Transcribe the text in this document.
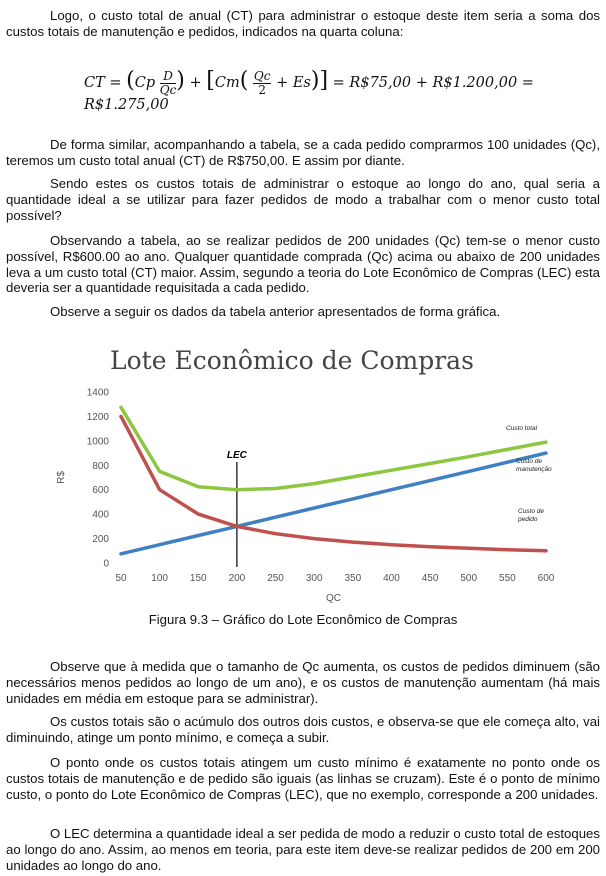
Logo, o custo total de anual (CT) para administrar o estoque deste item seria a soma dos custos totais de manutenção e pedidos, indicados na quarta coluna:

CT = ($Cp \frac{D}{Qc}$ ) + $[Cm( \frac{Qc}{2} + Es)]$ = R$75,00 + R$1.200,00 = R$1.275,00

De forma similar, acompanhando a tabela, se a cada pedido comprarmos 100 unidades (Qc), teremos um custo total anual (CT) de R$750,00. E assim por diante.

Sendo estes os custos totais de administrar o estoque ao longo do ano, qual seria a quantidade ideal a se utilizar para fazer pedidos de modo a trabalhar com o menor custo total possível?

Observando a tabela, ao se realizar pedidos de 200 unidades (Qc) tem-se o menor custo possível, R$600.00 ao ano. Qualquer quantidade comprada (Qc) acima ou abaixo de 200 unidades leva a um custo total (CT) maior. Assim, segundo a teoria do Lote Econômico de Compras (LEC) esta deveria ser a quantidade requisitada a cada pedido.

Observe a seguir os dados da tabela anterior apresentados de forma gráfica.

Lote Econômico de Compras
0
200
400
600
800
1000
1200
1400
50 100 150 200 250 300 350 400 450 500 550 600
QC
R$
LEC
Custo total
Custo de manutenção
Custo de pedido
Figura 9.3 – Gráfico do Lote Econômico de Compras

Observe que à medida que o tamanho de Qc aumenta, os custos de pedidos diminuem (são necessários menos pedidos ao longo de um ano), e os custos de manutenção aumentam (há mais unidades em média em estoque para se administrar).

Os custos totais são o acúmulo dos outros dois custos, e observa-se que ele começa alto, vai diminuindo, atinge um ponto mínimo, e começa a subir.

O ponto onde os custos totais atingem um custo mínimo é exatamente no ponto onde os custos totais de manutenção e de pedido são iguais (as linhas se cruzam). Este é o ponto de mínimo custo, o ponto do Lote Econômico de Compras (LEC), que no exemplo, corresponde a 200 unidades.

O LEC determina a quantidade ideal a ser pedida de modo a reduzir o custo total de estoques ao longo do ano. Assim, ao menos em teoria, para este item deve-se realizar pedidos de 200 em 200 unidades ao longo do ano.
